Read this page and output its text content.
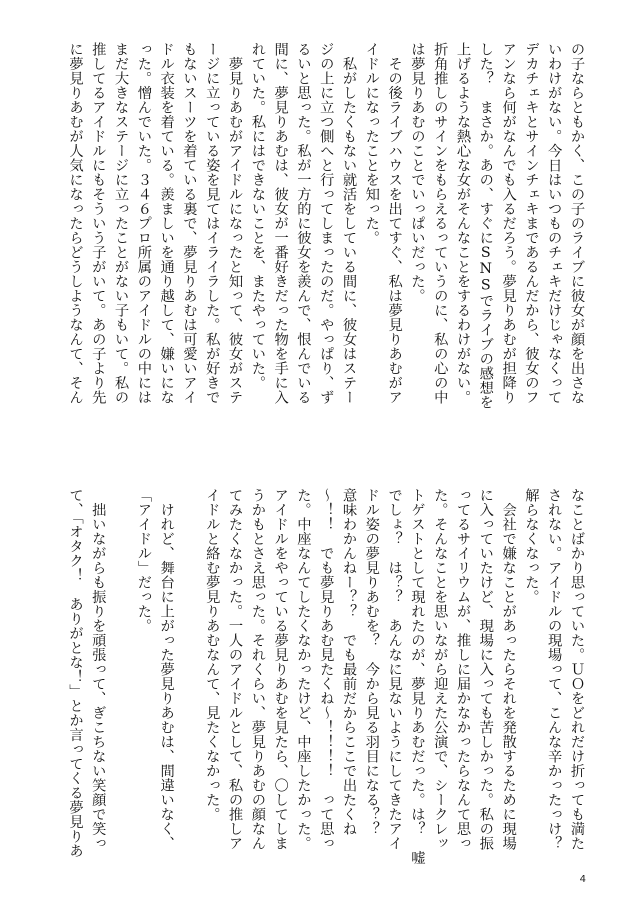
の子ならともかく、この子のライブに彼女が顔を出さな
いわけがない。今日はいつものチェキだけじゃなくって
デカチェキとサインチェキまであるんだから、彼女のフ
アンなら何がなんでも入るだろう。夢見りあむが担降り
した？　まさか。あの、すぐにSNSでライブの感想を
上げるような熱心な女がそんなことをするわけがない。
折角推しのサインをもらえるっていうのに、私の心の中
は夢見りあむのことでいっぱいだった。
　その後ライブハウスを出てすぐ、私は夢見りあむがア
イドルになったことを知った。
　私がしたくもない就活をしている間に、彼女はステー
ジの上に立つ側へと行ってしまったのだ。やっぱり、ず
るいと思った。私が一方的に彼女を羨んで、恨んでいる
間に、夢見りあむは、彼女が一番好きだった物を手に入
れていた。私にはできないことを、またやっていた。
　夢見りあむがアイドルになったと知って、彼女がステ
ージに立っている姿を見てはイライラした。私が好きで
もないスーツを着ている裏で、夢見りあむは可愛いアイ
ドル衣装を着ている。羨ましいを通り越して、嫌いにな
った。憎んでいた。３４６プロ所属のアイドルの中には
まだ大きなステージに立ったことがない子もいて。私の
推してるアイドルにもそういう子がいて。あの子より先
に夢見りあむが人気になったらどうしようなんて、そん
なことばかり思っていた。ＵＯをどれだけ折っても満た
されない。アイドルの現場って、こんな辛かったっけ？
解らなくなった。
　会社で嫌なことがあったらそれを発散するために現場
に入っていたけど、現場に入っても苦しかった。私の振
ってるサイリウムが、推しに届かなかったらなんて思っ
た。そんなことを思いながら迎えた公演で、シークレッ
トゲストとして現れたのが、夢見りあむだった。は？　嘘
でしょ？　は？？　あんなに見ないようにしてきたアイ
ドル姿の夢見りあむを？　今から見る羽目になる？？
意味わかんねー？？　でも最前だからここで出たくね
～！！　でも夢見りあむ見たくね～！！！！　って思っ
た。中座なんてしたくなかったけど、中座したかった。
アイドルをやっている夢見りあむを見たら、〇してしま
うかもとさえ思った。それくらい、夢見りあむの顔なん
てみたくなかった。一人のアイドルとして、私の推しア
イドルと絡む夢見りあむなんて、見たくなかった。
　けれど、舞台に上がった夢見りあむは、間違いなく、
「アイドル」だった。
　拙いながらも振りを頑張って、ぎこちない笑顔で笑っ
て、「オタク！　ありがとな！」とか言ってくる夢見りあ
4
